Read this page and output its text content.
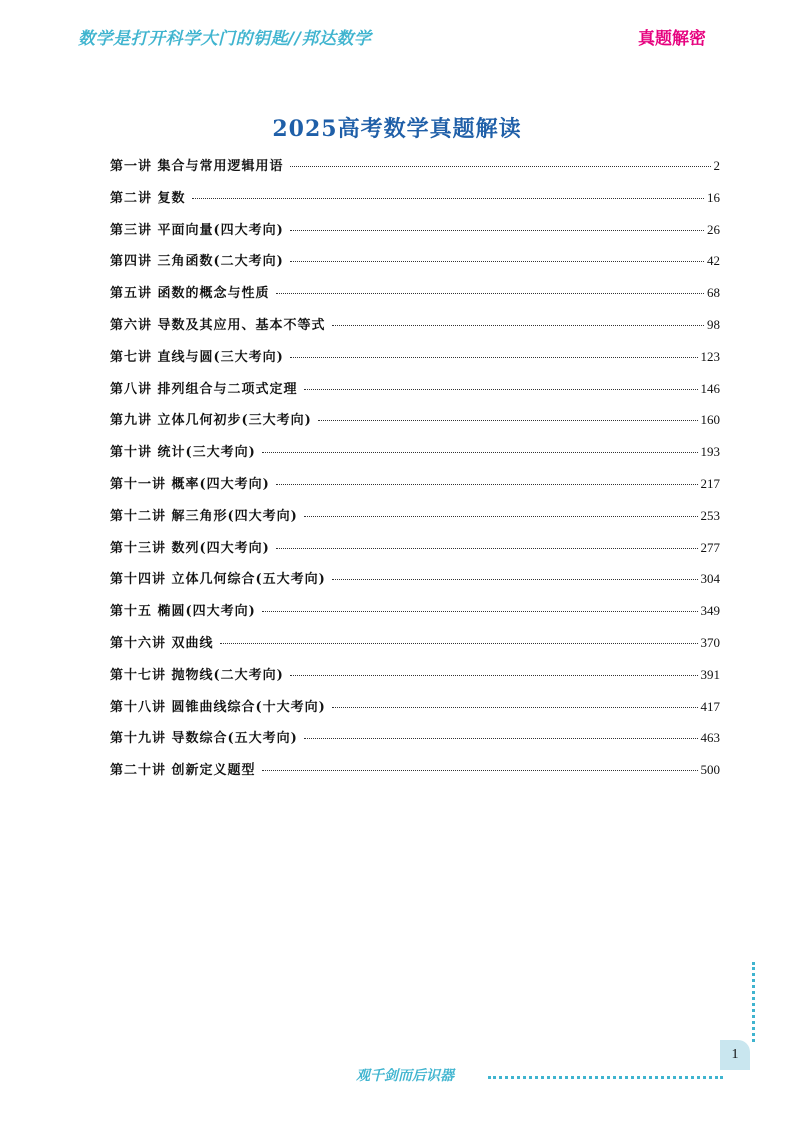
数学是打开科学大门的钥匙//邦达数学	真题解密
2025高考数学真题解读
第一讲 集合与常用逻辑用语	2
第二讲 复数	16
第三讲 平面向量(四大考向)	26
第四讲 三角函数(二大考向)	42
第五讲 函数的概念与性质	68
第六讲 导数及其应用、基本不等式	98
第七讲 直线与圆(三大考向)	123
第八讲 排列组合与二项式定理	146
第九讲 立体几何初步(三大考向)	160
第十讲 统计(三大考向)	193
第十一讲 概率(四大考向)	217
第十二讲 解三角形(四大考向)	253
第十三讲 数列(四大考向)	277
第十四讲 立体几何综合(五大考向)	304
第十五 椭圆(四大考向)	349
第十六讲 双曲线	370
第十七讲 抛物线(二大考向)	391
第十八讲 圆锥曲线综合(十大考向)	417
第十九讲 导数综合(五大考向)	463
第二十讲 创新定义题型	500
1
观千剑而后识器
